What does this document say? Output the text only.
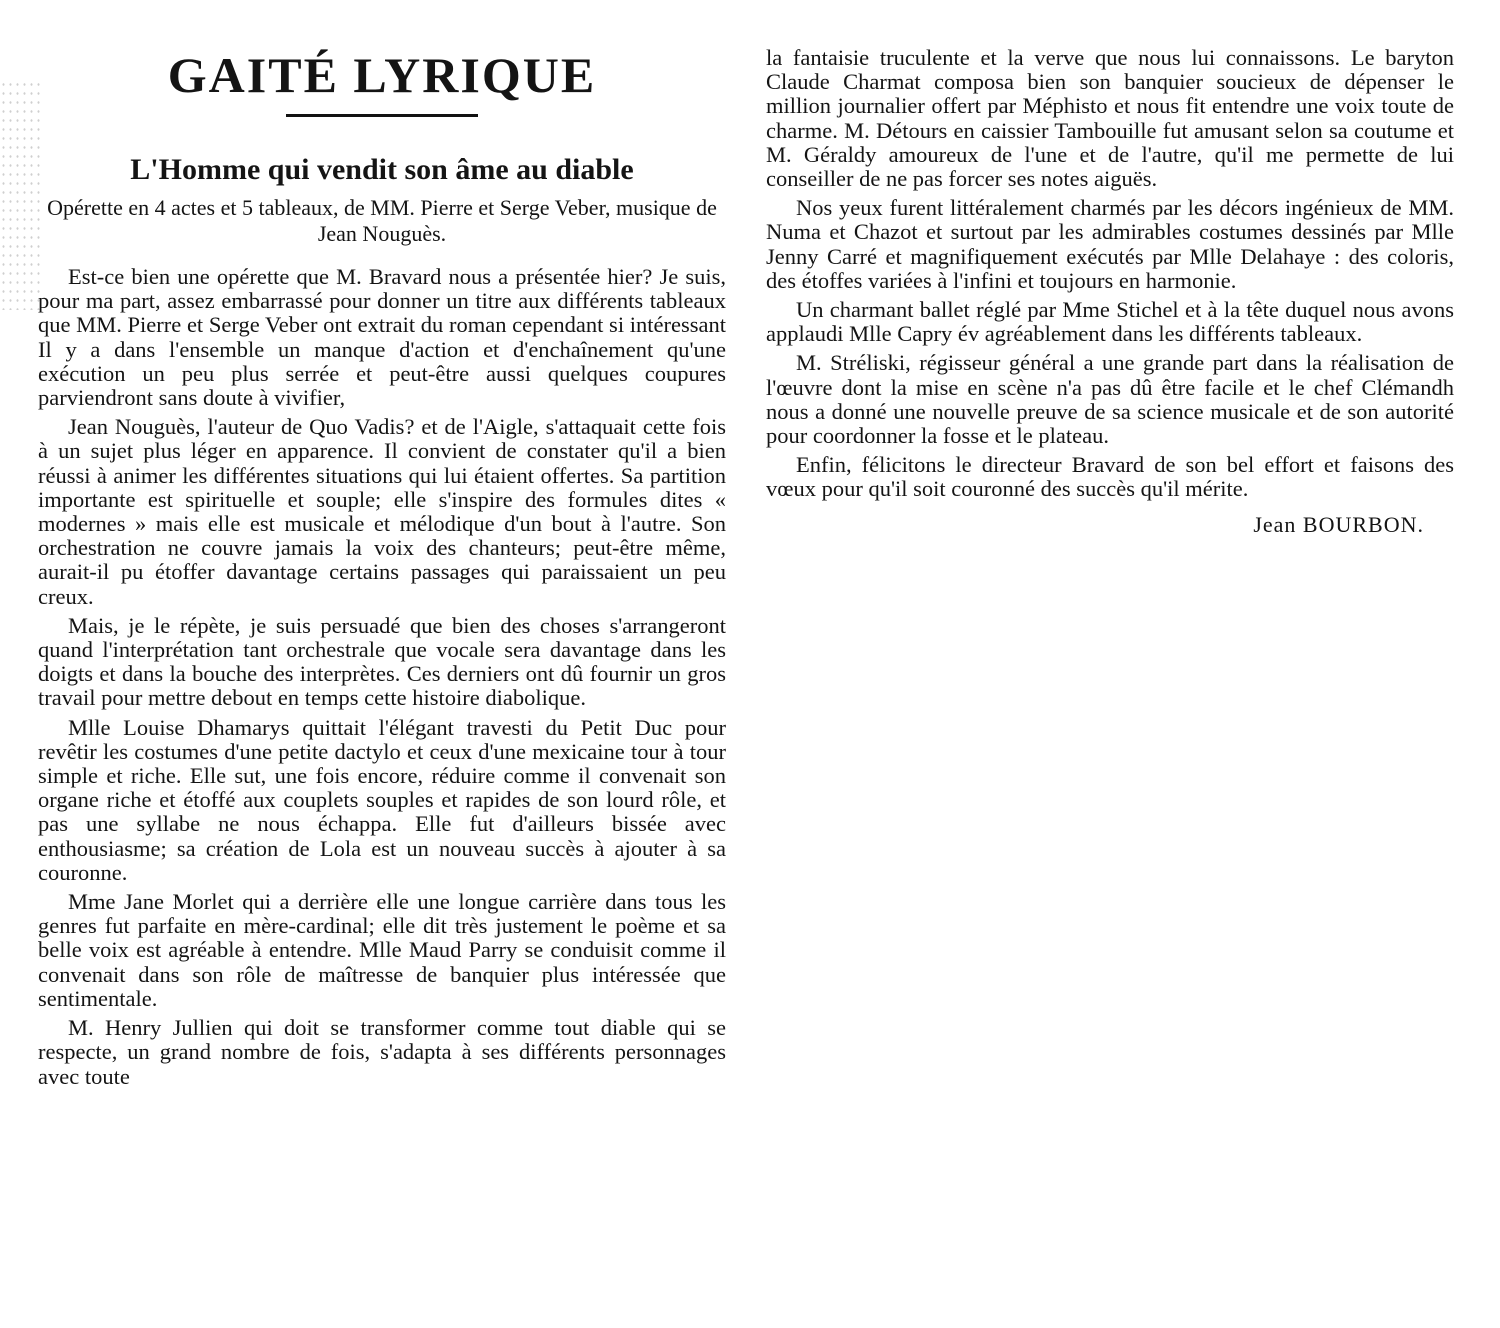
GAITÉ LYRIQUE
L'Homme qui vendit son âme au diable
Opérette en 4 actes et 5 tableaux, de MM. Pierre et Serge Veber, musique de Jean Nouguès.

Est-ce bien une opérette que M. Bravard nous a présentée hier? Je suis, pour ma part, assez embarrassé pour donner un titre aux différents tableaux que MM. Pierre et Serge Veber ont extrait du roman cependant si intéressant Il y a dans l'ensemble un manque d'action et d'enchaînement qu'une exécution un peu plus serrée et peut-être aussi quelques coupures parviendront sans doute à vivifier,

Jean Nouguès, l'auteur de Quo Vadis? et de l'Aigle, s'attaquait cette fois à un sujet plus léger en apparence. Il convient de constater qu'il a bien réussi à animer les différentes situations qui lui étaient offertes. Sa partition importante est spirituelle et souple; elle s'inspire des formules dites « modernes » mais elle est musicale et mélodique d'un bout à l'autre. Son orchestration ne couvre jamais la voix des chanteurs; peut-être même, aurait-il pu étoffer davantage certains passages qui paraissaient un peu creux.

Mais, je le répète, je suis persuadé que bien des choses s'arrangeront quand l'interprétation tant orchestrale que vocale sera davantage dans les doigts et dans la bouche des interprètes. Ces derniers ont dû fournir un gros travail pour mettre debout en temps cette histoire diabolique.

Mlle Louise Dhamarys quittait l'élégant travesti du Petit Duc pour revêtir les costumes d'une petite dactylo et ceux d'une mexicaine tour à tour simple et riche. Elle sut, une fois encore, réduire comme il convenait son organe riche et étoffé aux couplets souples et rapides de son lourd rôle, et pas une syllabe ne nous échappa. Elle fut d'ailleurs bissée avec enthousiasme; sa création de Lola est un nouveau succès à ajouter à sa couronne.

Mme Jane Morlet qui a derrière elle une longue carrière dans tous les genres fut parfaite en mère-cardinal; elle dit très justement le poème et sa belle voix est agréable à entendre. Mlle Maud Parry se conduisit comme il convenait dans son rôle de maîtresse de banquier plus intéressée que sentimentale.

M. Henry Jullien qui doit se transformer comme tout diable qui se respecte, un grand nombre de fois, s'adapta à ses différents personnages avec toute

la fantaisie truculente et la verve que nous lui connaissons. Le baryton Claude Charmat composa bien son banquier soucieux de dépenser le million journalier offert par Méphisto et nous fit entendre une voix toute de charme. M. Détours en caissier Tambouille fut amusant selon sa coutume et M. Géraldy amoureux de l'une et de l'autre, qu'il me permette de lui conseiller de ne pas forcer ses notes aiguës.

Nos yeux furent littéralement charmés par les décors ingénieux de MM. Numa et Chazot et surtout par les admirables costumes dessinés par Mlle Jenny Carré et magnifiquement exécutés par Mlle Delahaye : des coloris, des étoffes variées à l'infini et toujours en harmonie.

Un charmant ballet réglé par Mme Stichel et à la tête duquel nous avons applaudi Mlle Capry év agréablement dans les différents tableaux.

M. Stréliski, régisseur général a une grande part dans la réalisation de l'œuvre dont la mise en scène n'a pas dû être facile et le chef Clémandh nous a donné une nouvelle preuve de sa science musicale et de son autorité pour coordonner la fosse et le plateau.

Enfin, félicitons le directeur Bravard de son bel effort et faisons des vœux pour qu'il soit couronné des succès qu'il mérite.

Jean BOURBON.
